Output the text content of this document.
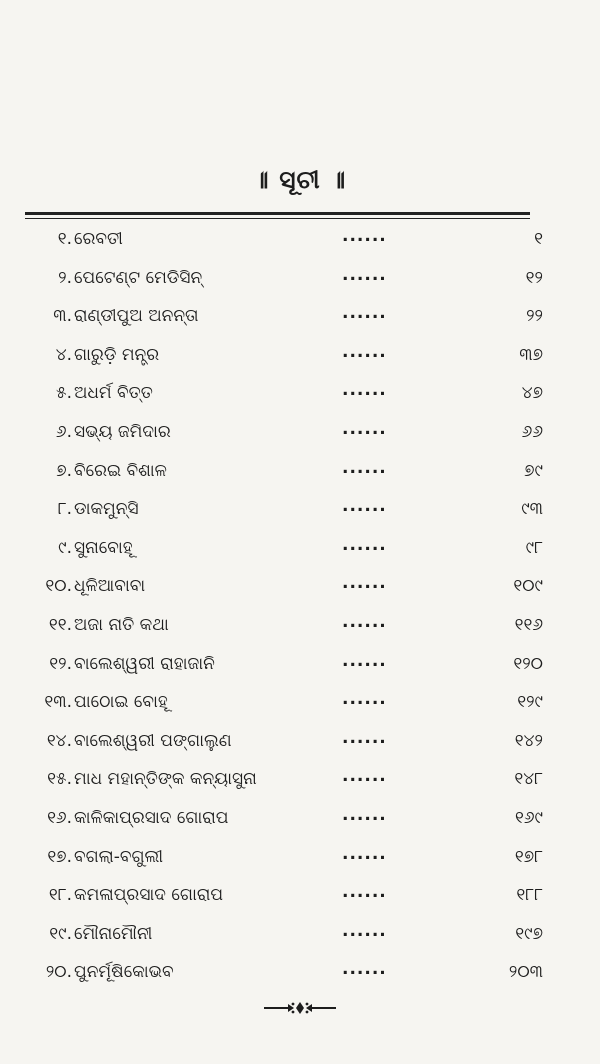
॥ ସୂଚୀ ॥
୧. ରେବତୀ	......	୧
୨. ପେଟେଣ୍ଟ ମେଡିସିନ୍	......	୧୨
୩. ରାଣ୍ଡୀପୁଅ ଅନନ୍ତା	......	୨୨
୪. ଗାରୁଡ଼ି ମନ୍ତ୍ର	......	୩୭
୫. ଅଧର୍ମ ବିତ୍ତ	......	୪୭
୬. ସଭ୍ୟ ଜମିଦାର	......	୬୬
୭. ବିରେଇ ବିଶାଳ	......	୭୯
୮. ଡାକମୁନ୍‌ସି	......	୯୩
୯. ସୁନାବୋହୂ	......	୯୮
୧୦. ଧୂଳିଆବାବା	......	୧୦୯
୧୧. ଅଜା ନାତି କଥା	......	୧୧୬
୧୨. ବାଲେଶ୍ୱରୀ ରାହାଜାନି	......	୧୨୦
୧୩. ପାଠୋଇ ବୋହୂ	......	୧୨୯
୧୪. ବାଲେଶ୍ୱରୀ ପଙ୍ଗାଲୁଣ	......	୧୪୨
୧୫. ମାଧ ମହାନ୍ତିଙ୍କ କନ୍ୟାସୁନା	......	୧୪୮
୧୬. କାଳିକାପ୍ରସାଦ ଗୋରାପ	......	୧୬୯
୧୭. ବଗଲା-ବଗୁଲୀ	......	୧୭୮
୧୮. କମଳାପ୍ରସାଦ ଗୋରାପ	......	୧୮୮
୧୯. ମୌନାମୌନୀ	......	୧୯୭
୨୦. ପୁନର୍ମୂଷିକୋଭବ	......	୨୦୩
